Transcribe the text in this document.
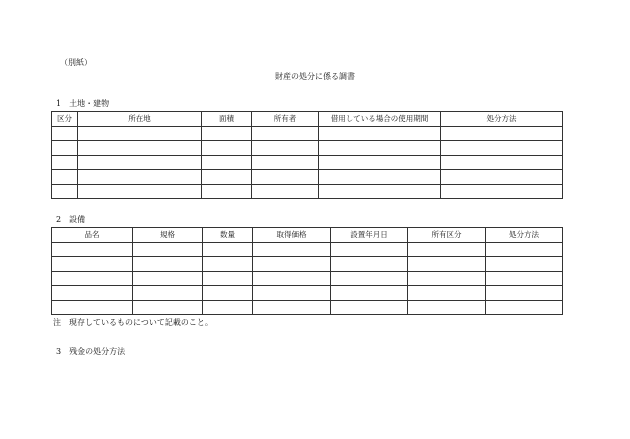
（別紙）
財産の処分に係る調書
1　土地・建物
区分	所在地	面積	所有者	借用している場合の使用期間	処分方法

2　設備
品名	規格	数量	取得価格	設置年月日	所有区分	処分方法

注　現存しているものについて記載のこと。
3　残金の処分方法
